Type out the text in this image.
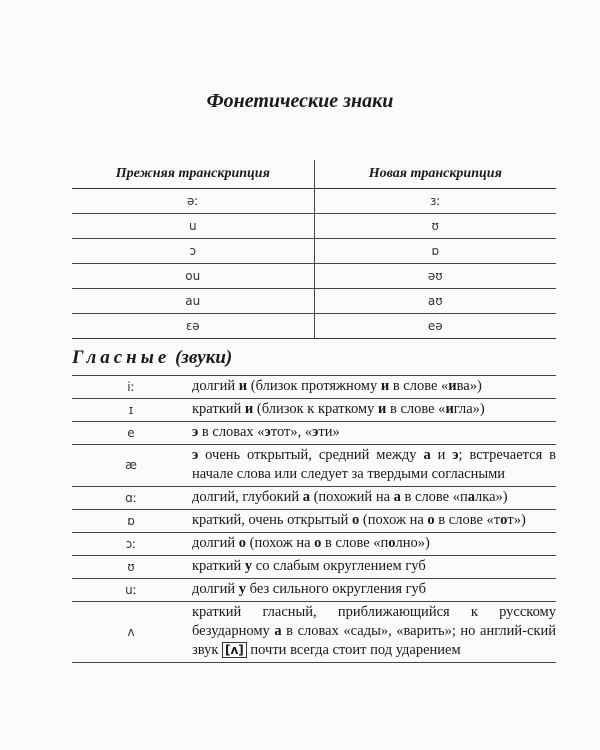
Фонетические знаки
Прежняя транскрипция	Новая транскрипция
əː	ɜː
u	ʊ
ɔ	ɒ
ou	əʊ
au	aʊ
ɛə	eə
Гласные (звуки)
iː	долгий и (близок протяжному и в слове «ива»)
ɪ	краткий и (близок к краткому и в слове «игла»)
e	э в словах «этот», «эти»
æ	э очень открытый, средний между а и э; встречается в начале слова или следует за твердыми согласными
ɑː	долгий, глубокий а (похожий на а в слове «палка»)
ɒ	краткий, очень открытый о (похож на о в слове «тот»)
ɔː	долгий о (похож на о в слове «полно»)
ʊ	краткий у со слабым округлением губ
uː	долгий у без сильного округления губ
ʌ	краткий гласный, приближающийся к русскому безударному а в словах «сады», «варить»; но англий-ский звук [ʌ] почти всегда стоит под ударением
